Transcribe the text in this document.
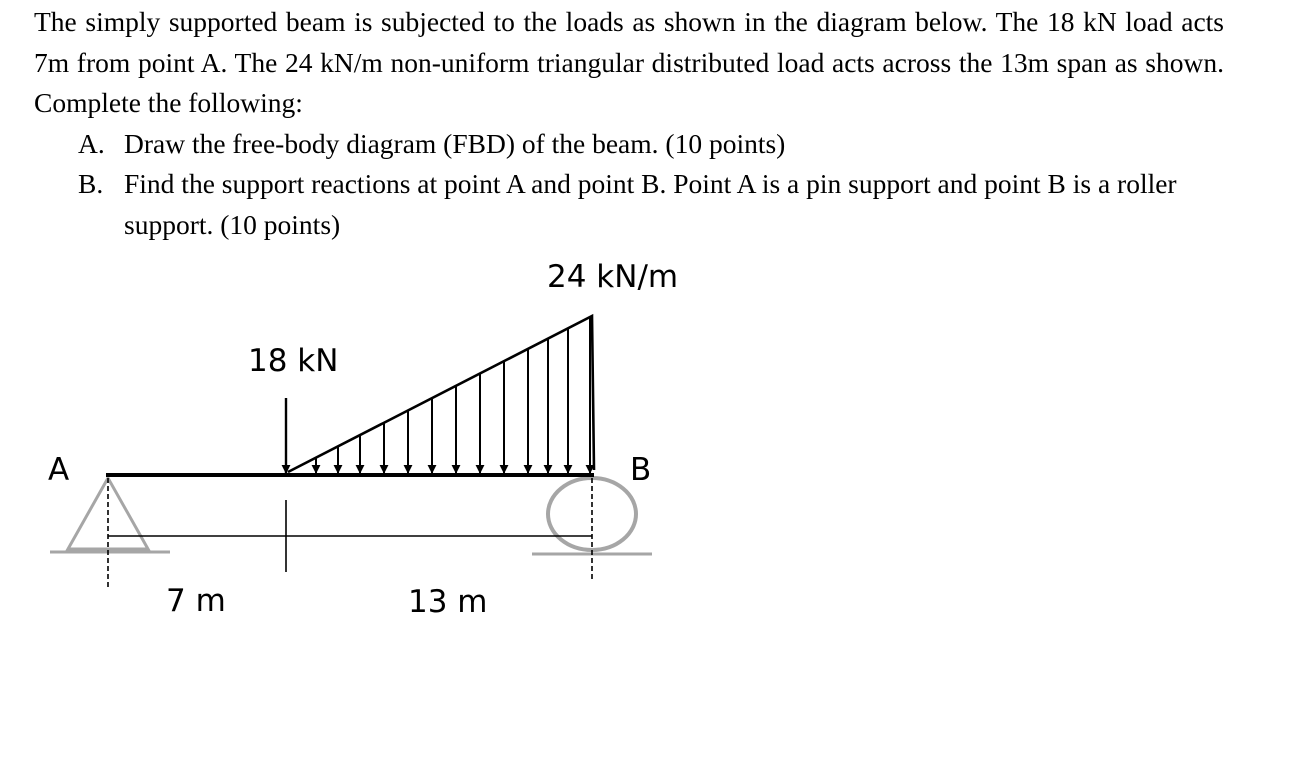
The simply supported beam is subjected to the loads as shown in the diagram below. The 18 kN load acts 7m from point A. The 24 kN/m non-uniform triangular distributed load acts across the 13m span as shown. Complete the following:

A. Draw the free-body diagram (FBD) of the beam. (10 points)
B. Find the support reactions at point A and point B. Point A is a pin support and point B is a roller support. (10 points)
A	B
18 kN
24 kN/m
7 m	13 m
